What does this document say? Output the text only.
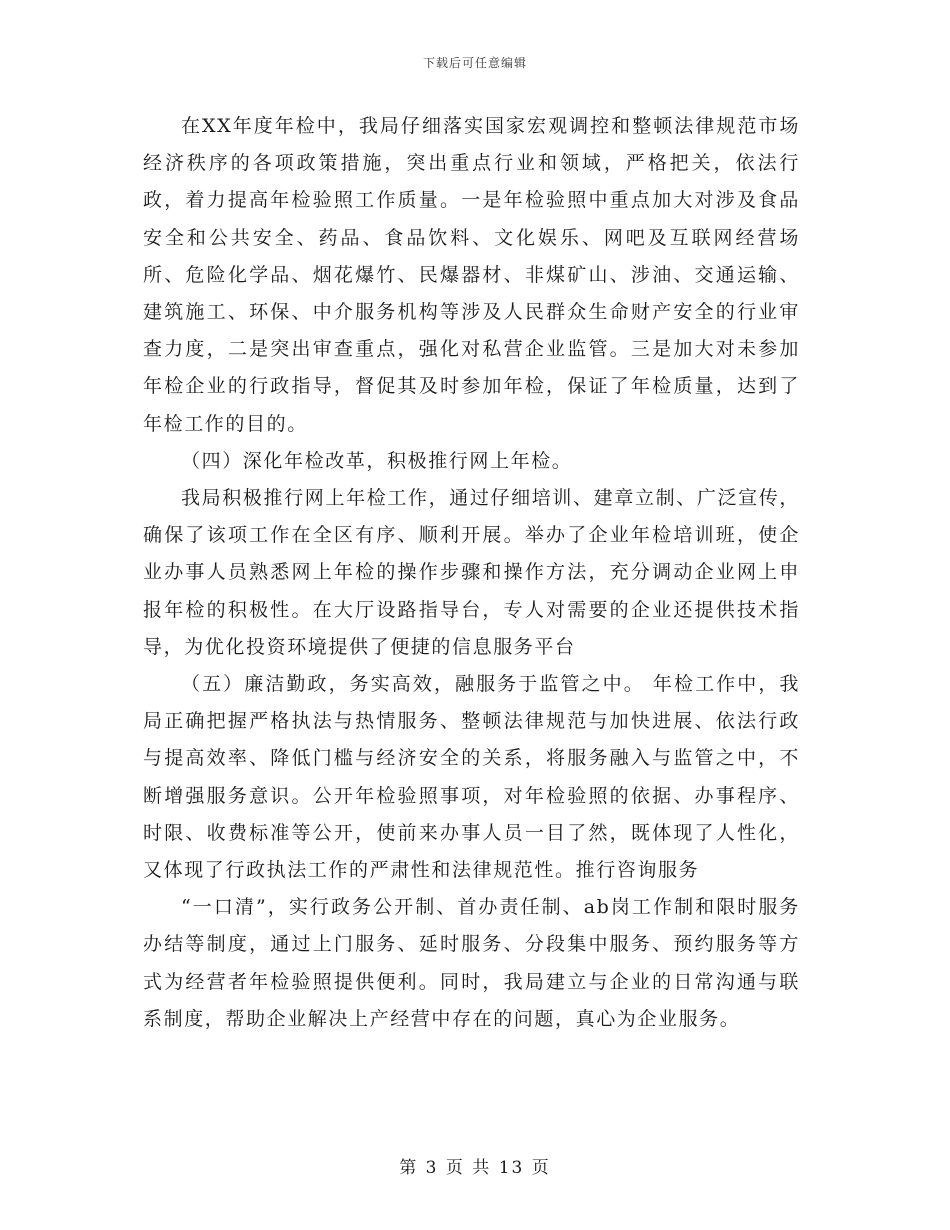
下载后可任意编辑

在XX年度年检中，我局仔细落实国家宏观调控和整顿法律规范市场经济秩序的各项政策措施，突出重点行业和领域，严格把关，依法行政，着力提高年检验照工作质量。一是年检验照中重点加大对涉及食品安全和公共安全、药品、食品饮料、文化娱乐、网吧及互联网经营场所、危险化学品、烟花爆竹、民爆器材、非煤矿山、涉油、交通运输、建筑施工、环保、中介服务机构等涉及人民群众生命财产安全的行业审查力度，二是突出审查重点，强化对私营企业监管。三是加大对未参加年检企业的行政指导，督促其及时参加年检，保证了年检质量，达到了年检工作的目的。

（四）深化年检改革，积极推行网上年检。

我局积极推行网上年检工作，通过仔细培训、建章立制、广泛宣传，确保了该项工作在全区有序、顺利开展。举办了企业年检培训班，使企业办事人员熟悉网上年检的操作步骤和操作方法，充分调动企业网上申报年检的积极性。在大厅设路指导台，专人对需要的企业还提供技术指导，为优化投资环境提供了便捷的信息服务平台

（五）廉洁勤政，务实高效，融服务于监管之中。 年检工作中，我局正确把握严格执法与热情服务、整顿法律规范与加快进展、依法行政与提高效率、降低门槛与经济安全的关系，将服务融入与监管之中，不断增强服务意识。公开年检验照事项，对年检验照的依据、办事程序、时限、收费标准等公开，使前来办事人员一目了然，既体现了人性化，又体现了行政执法工作的严肃性和法律规范性。推行咨询服务

“一口清”，实行政务公开制、首办责任制、ab岗工作制和限时服务办结等制度，通过上门服务、延时服务、分段集中服务、预约服务等方式为经营者年检验照提供便利。同时，我局建立与企业的日常沟通与联系制度，帮助企业解决上产经营中存在的问题，真心为企业服务。

第 3 页 共 13 页
